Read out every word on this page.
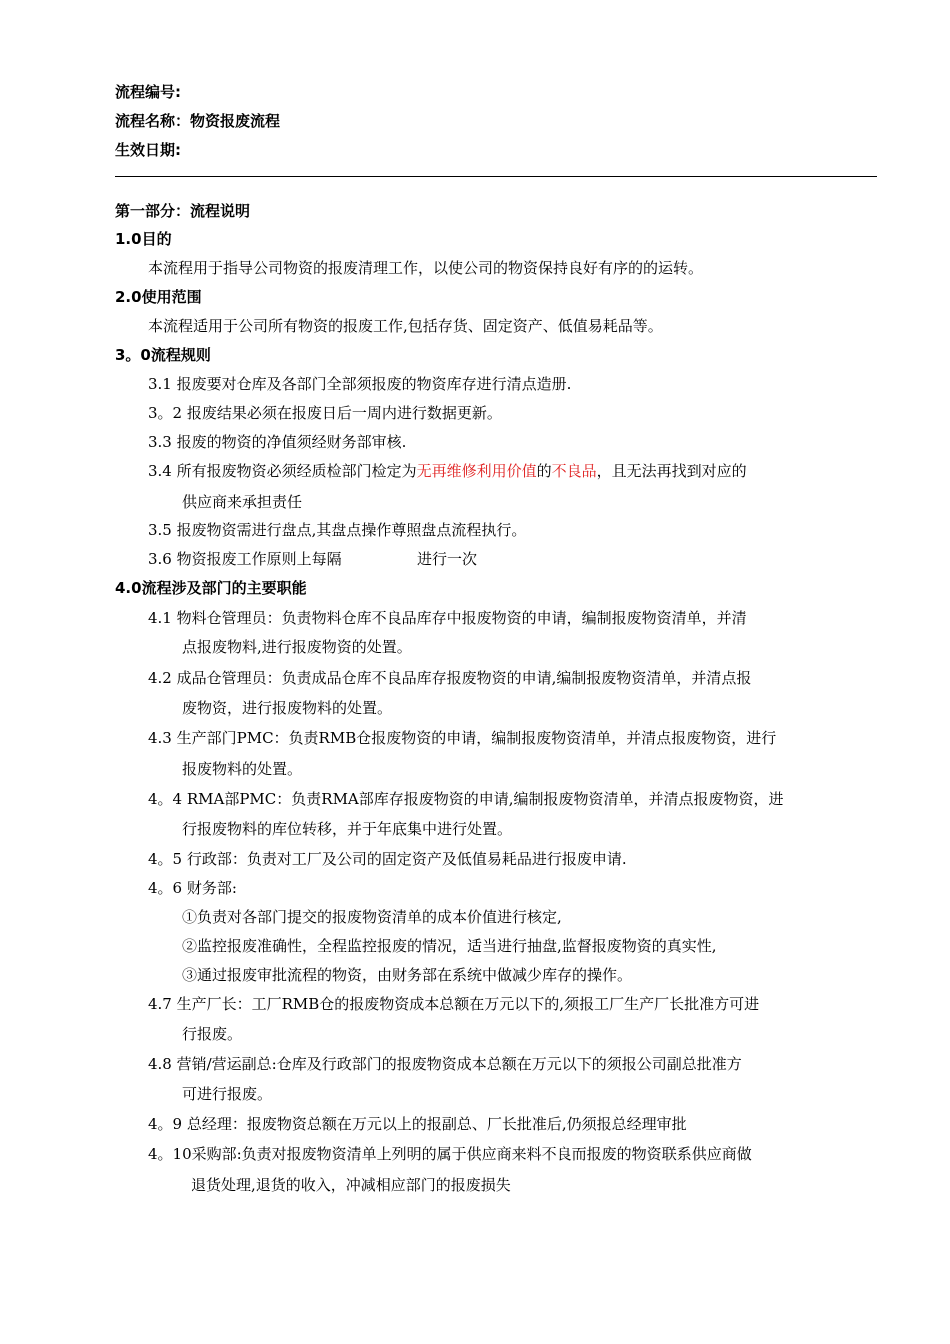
流程编号:
流程名称：物资报废流程
生效日期:
第一部分：流程说明
1.0目的
本流程用于指导公司物资的报废清理工作，以使公司的物资保持良好有序的的运转。
2.0使用范围
本流程适用于公司所有物资的报废工作,包括存货、固定资产、低值易耗品等。
3。0流程规则
3.1 报废要对仓库及各部门全部须报废的物资库存进行清点造册.
3。2 报废结果必须在报废日后一周内进行数据更新。
3.3 报废的物资的净值须经财务部审核.
3.4 所有报废物资必须经质检部门检定为无再维修利用价值的不良品，且无法再找到对应的
供应商来承担责任
3.5 报废物资需进行盘点,其盘点操作尊照盘点流程执行。
3.6 物资报废工作原则上每隔	进行一次
4.0流程涉及部门的主要职能
4.1 物料仓管理员：负责物料仓库不良品库存中报废物资的申请，编制报废物资清单，并清
点报废物料,进行报废物资的处置。
4.2 成品仓管理员：负责成品仓库不良品库存报废物资的申请,编制报废物资清单，并清点报
废物资，进行报废物料的处置。
4.3 生产部门PMC：负责RMB仓报废物资的申请，编制报废物资清单，并清点报废物资，进行
报废物料的处置。
4。4 RMA部PMC：负责RMA部库存报废物资的申请,编制报废物资清单，并清点报废物资，进
行报废物料的库位转移，并于年底集中进行处置。
4。5 行政部：负责对工厂及公司的固定资产及低值易耗品进行报废申请.
4。6 财务部:
①负责对各部门提交的报废物资清单的成本价值进行核定,
②监控报废准确性，全程监控报废的情况，适当进行抽盘,监督报废物资的真实性,
③通过报废审批流程的物资，由财务部在系统中做减少库存的操作。
4.7 生产厂长：工厂RMB仓的报废物资成本总额在万元以下的,须报工厂生产厂长批准方可进
行报废。
4.8 营销/营运副总:仓库及行政部门的报废物资成本总额在万元以下的须报公司副总批准方
可进行报废。
4。9 总经理：报废物资总额在万元以上的报副总、厂长批准后,仍须报总经理审批
4。10采购部:负责对报废物资清单上列明的属于供应商来料不良而报废的物资联系供应商做
退货处理,退货的收入，冲减相应部门的报废损失
